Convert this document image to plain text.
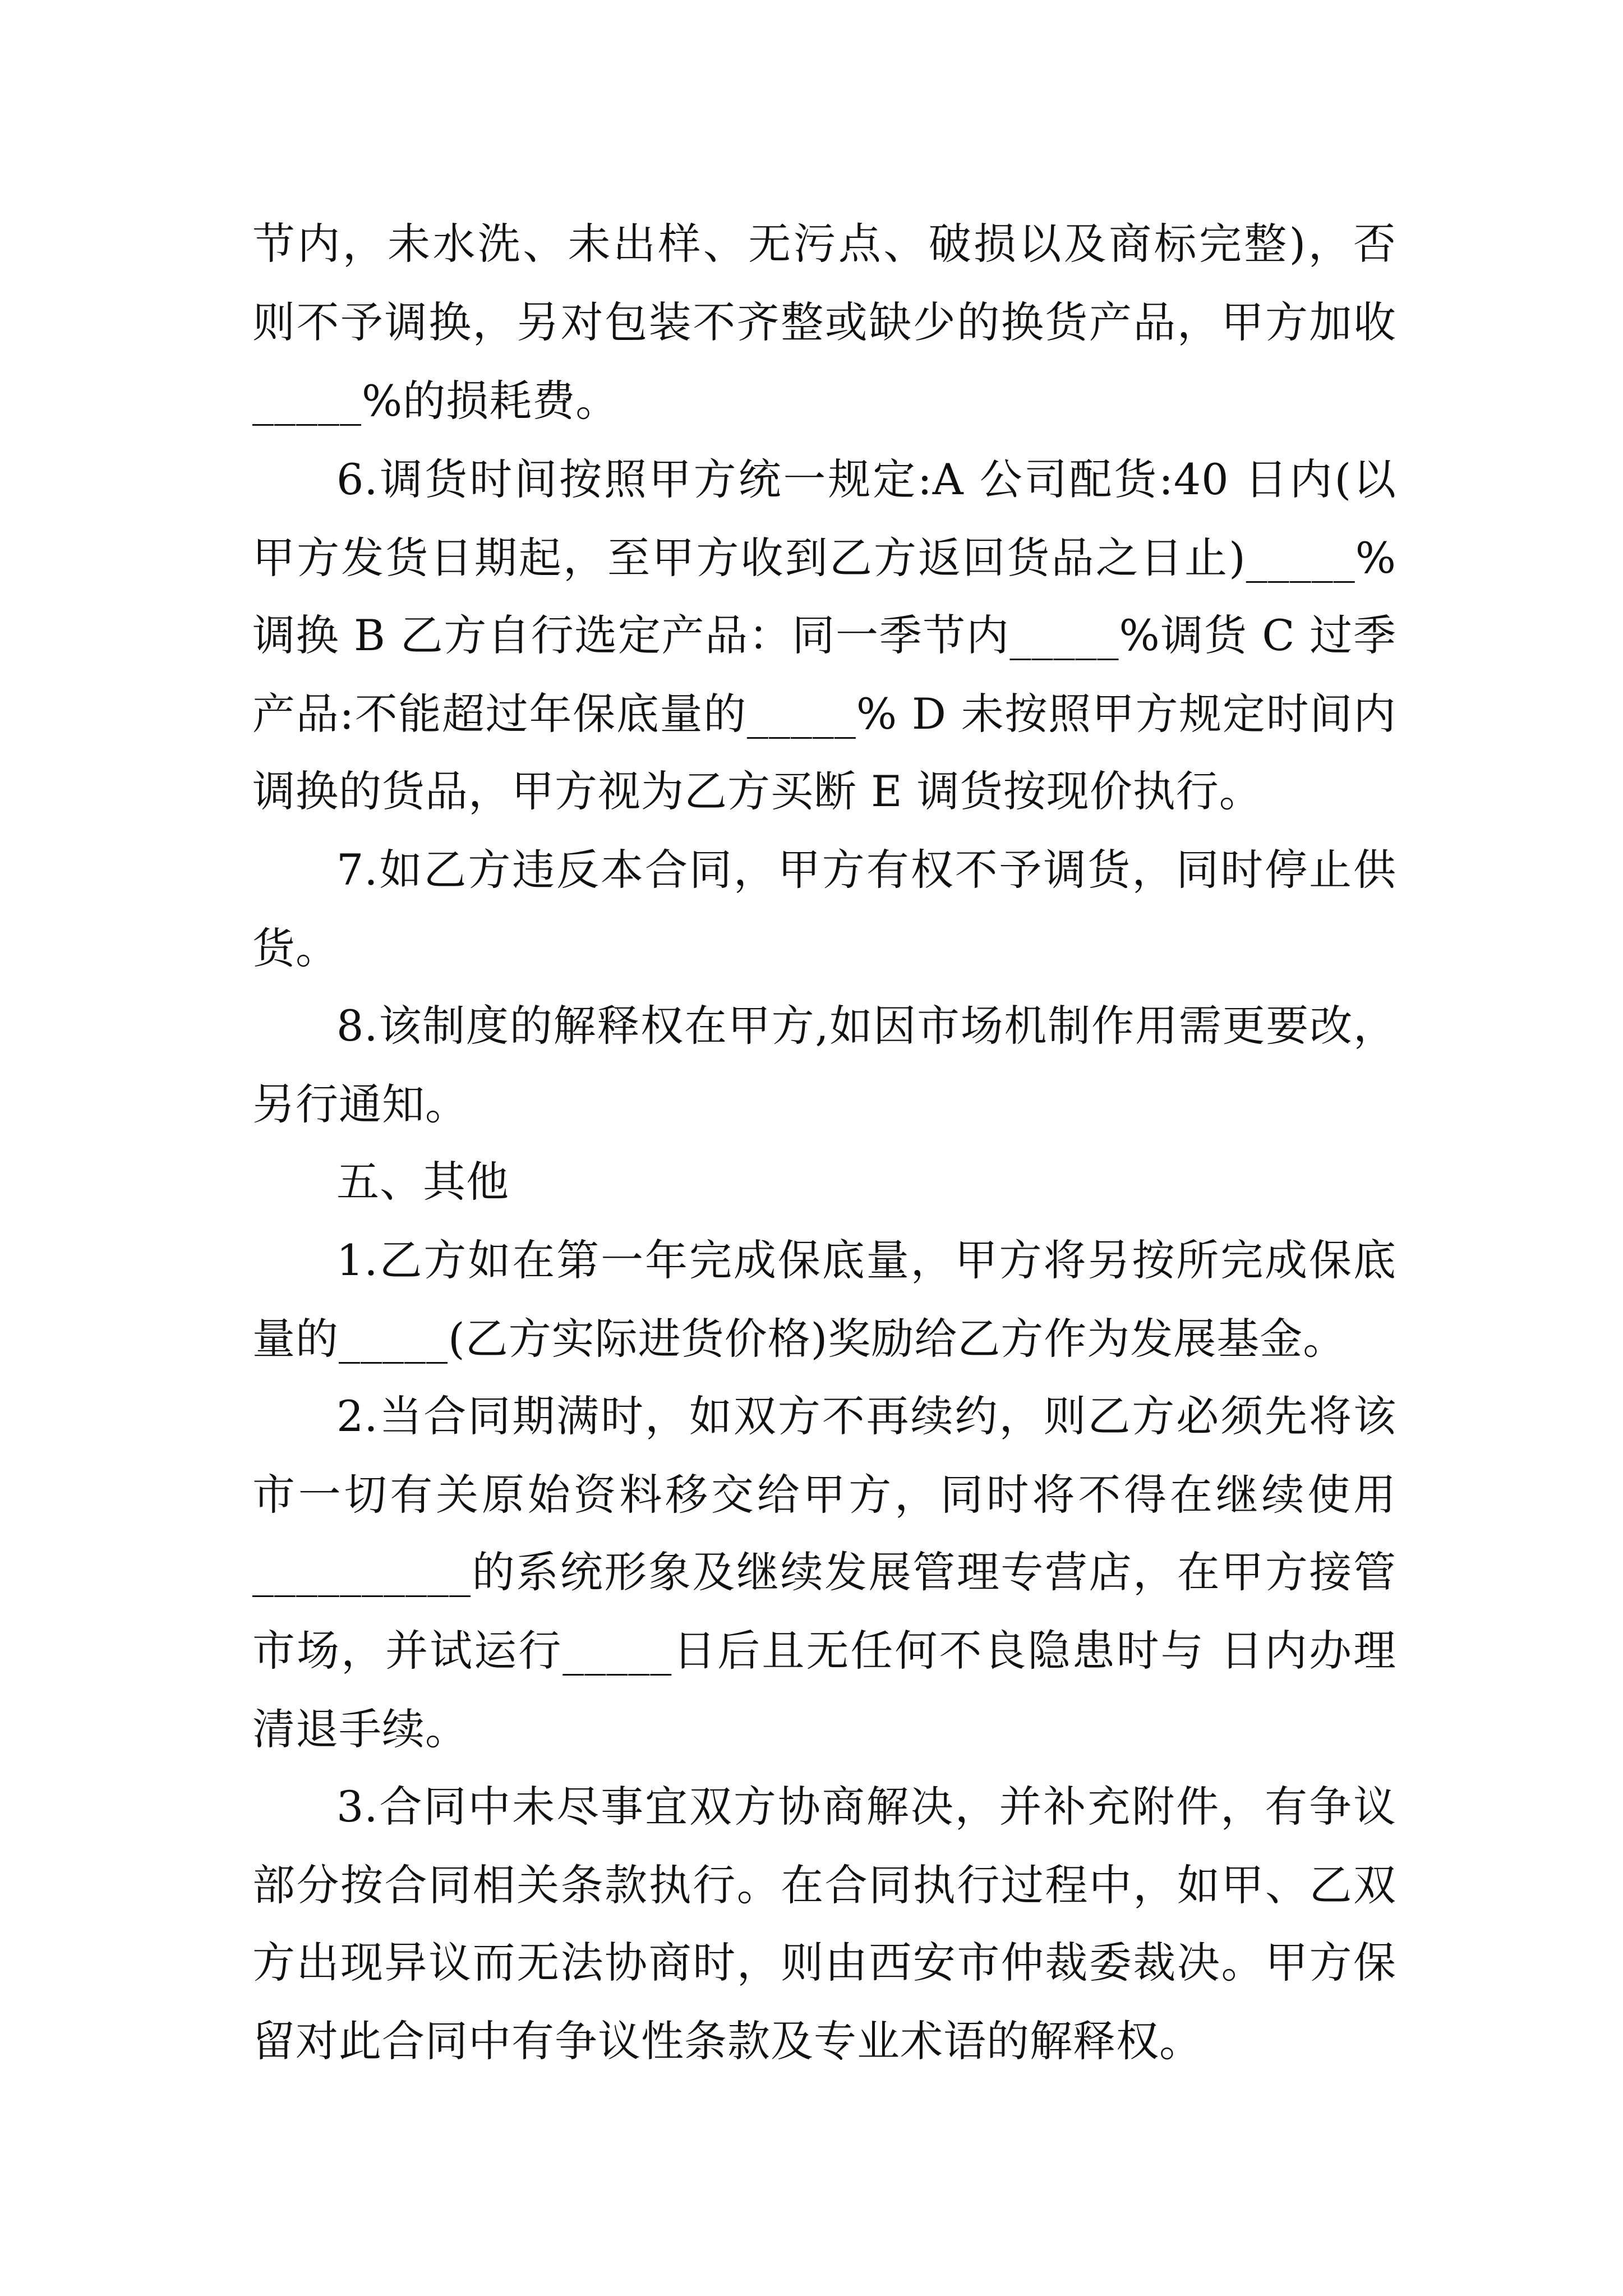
节内，未水洗、未出样、无污点、破损以及商标完整)，否
则不予调换，另对包装不齐整或缺少的换货产品，甲方加收
_____%的损耗费。
6.调货时间按照甲方统一规定:A 公司配货:40 日内(以
甲方发货日期起，至甲方收到乙方返回货品之日止)_____%
调换 B 乙方自行选定产品：同一季节内_____%调货 C 过季
产品:不能超过年保底量的_____% D 未按照甲方规定时间内
调换的货品，甲方视为乙方买断 E 调货按现价执行。
7.如乙方违反本合同，甲方有权不予调货，同时停止供
货。
8.该制度的解释权在甲方,如因市场机制作用需更要改，
另行通知。
五、其他
1.乙方如在第一年完成保底量，甲方将另按所完成保底
量的_____(乙方实际进货价格)奖励给乙方作为发展基金。
2.当合同期满时，如双方不再续约，则乙方必须先将该
市一切有关原始资料移交给甲方，同时将不得在继续使用
__________的系统形象及继续发展管理专营店，在甲方接管
市场，并试运行_____日后且无任何不良隐患时与 日内办理
清退手续。
3.合同中未尽事宜双方协商解决，并补充附件，有争议
部分按合同相关条款执行。在合同执行过程中，如甲、乙双
方出现异议而无法协商时，则由西安市仲裁委裁决。甲方保
留对此合同中有争议性条款及专业术语的解释权。
